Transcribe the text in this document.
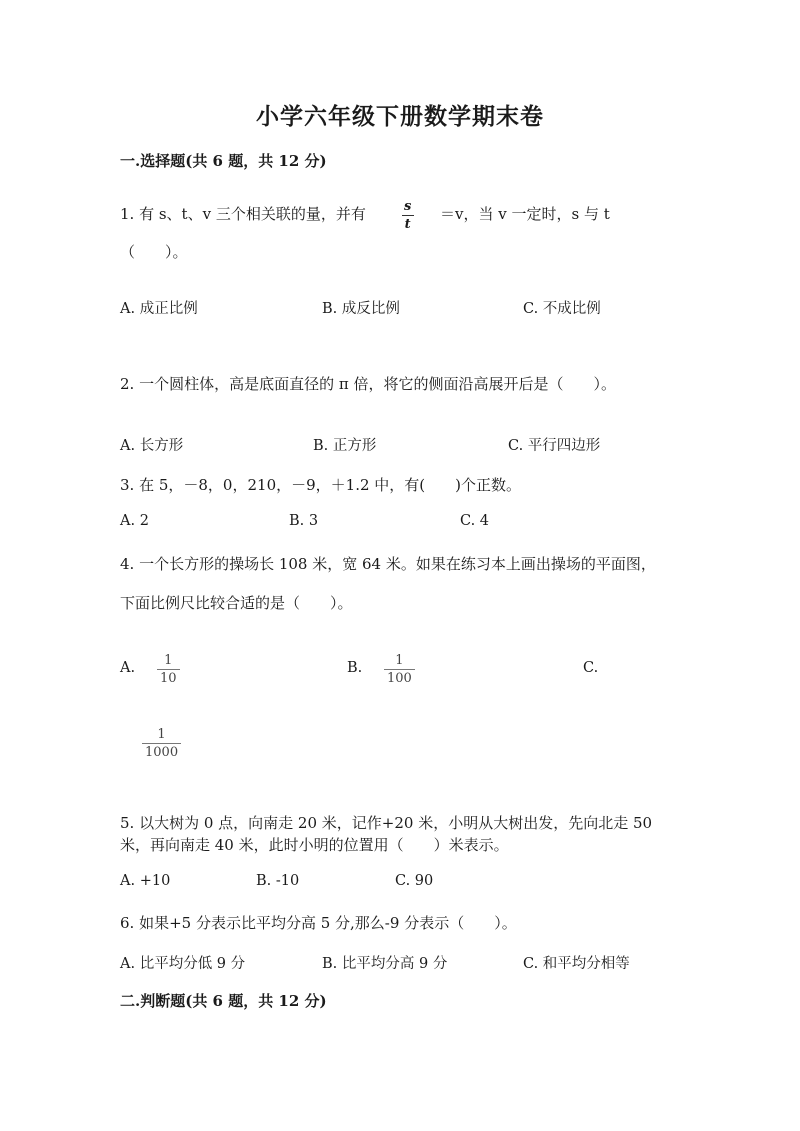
小学六年级下册数学期末卷
一.选择题(共 6 题，共 12 分)
1. 有 s、t、v 三个相关联的量，并有	$\frac{s}{t} =v$，当 v 一定时，s 与 t
（　　）。
A. 成正比例	B. 成反比例	C. 不成比例
2. 一个圆柱体，高是底面直径的 π 倍，将它的侧面沿高展开后是（　　）。
A. 长方形	B. 正方形	C. 平行四边形
3. 在 5，－8，0，210，－9，＋1.2 中，有(　　)个正数。
A. 2	B. 3	C. 4
4. 一个长方形的操场长 108 米，宽 64 米。如果在练习本上画出操场的平面图，
下面比例尺比较合适的是（　　）。
A. $\frac{1}{10}$	B. $\frac{1}{100}$	C.
$\frac{1}{1000}$
5. 以大树为 0 点，向南走 20 米，记作+20 米，小明从大树出发，先向北走 50
米，再向南走 40 米，此时小明的位置用（　　）米表示。
A. +10	B. -10	C. 90
6. 如果+5 分表示比平均分高 5 分,那么-9 分表示（　　）。
A. 比平均分低 9 分	B. 比平均分高 9 分	C. 和平均分相等
二.判断题(共 6 题，共 12 分)
